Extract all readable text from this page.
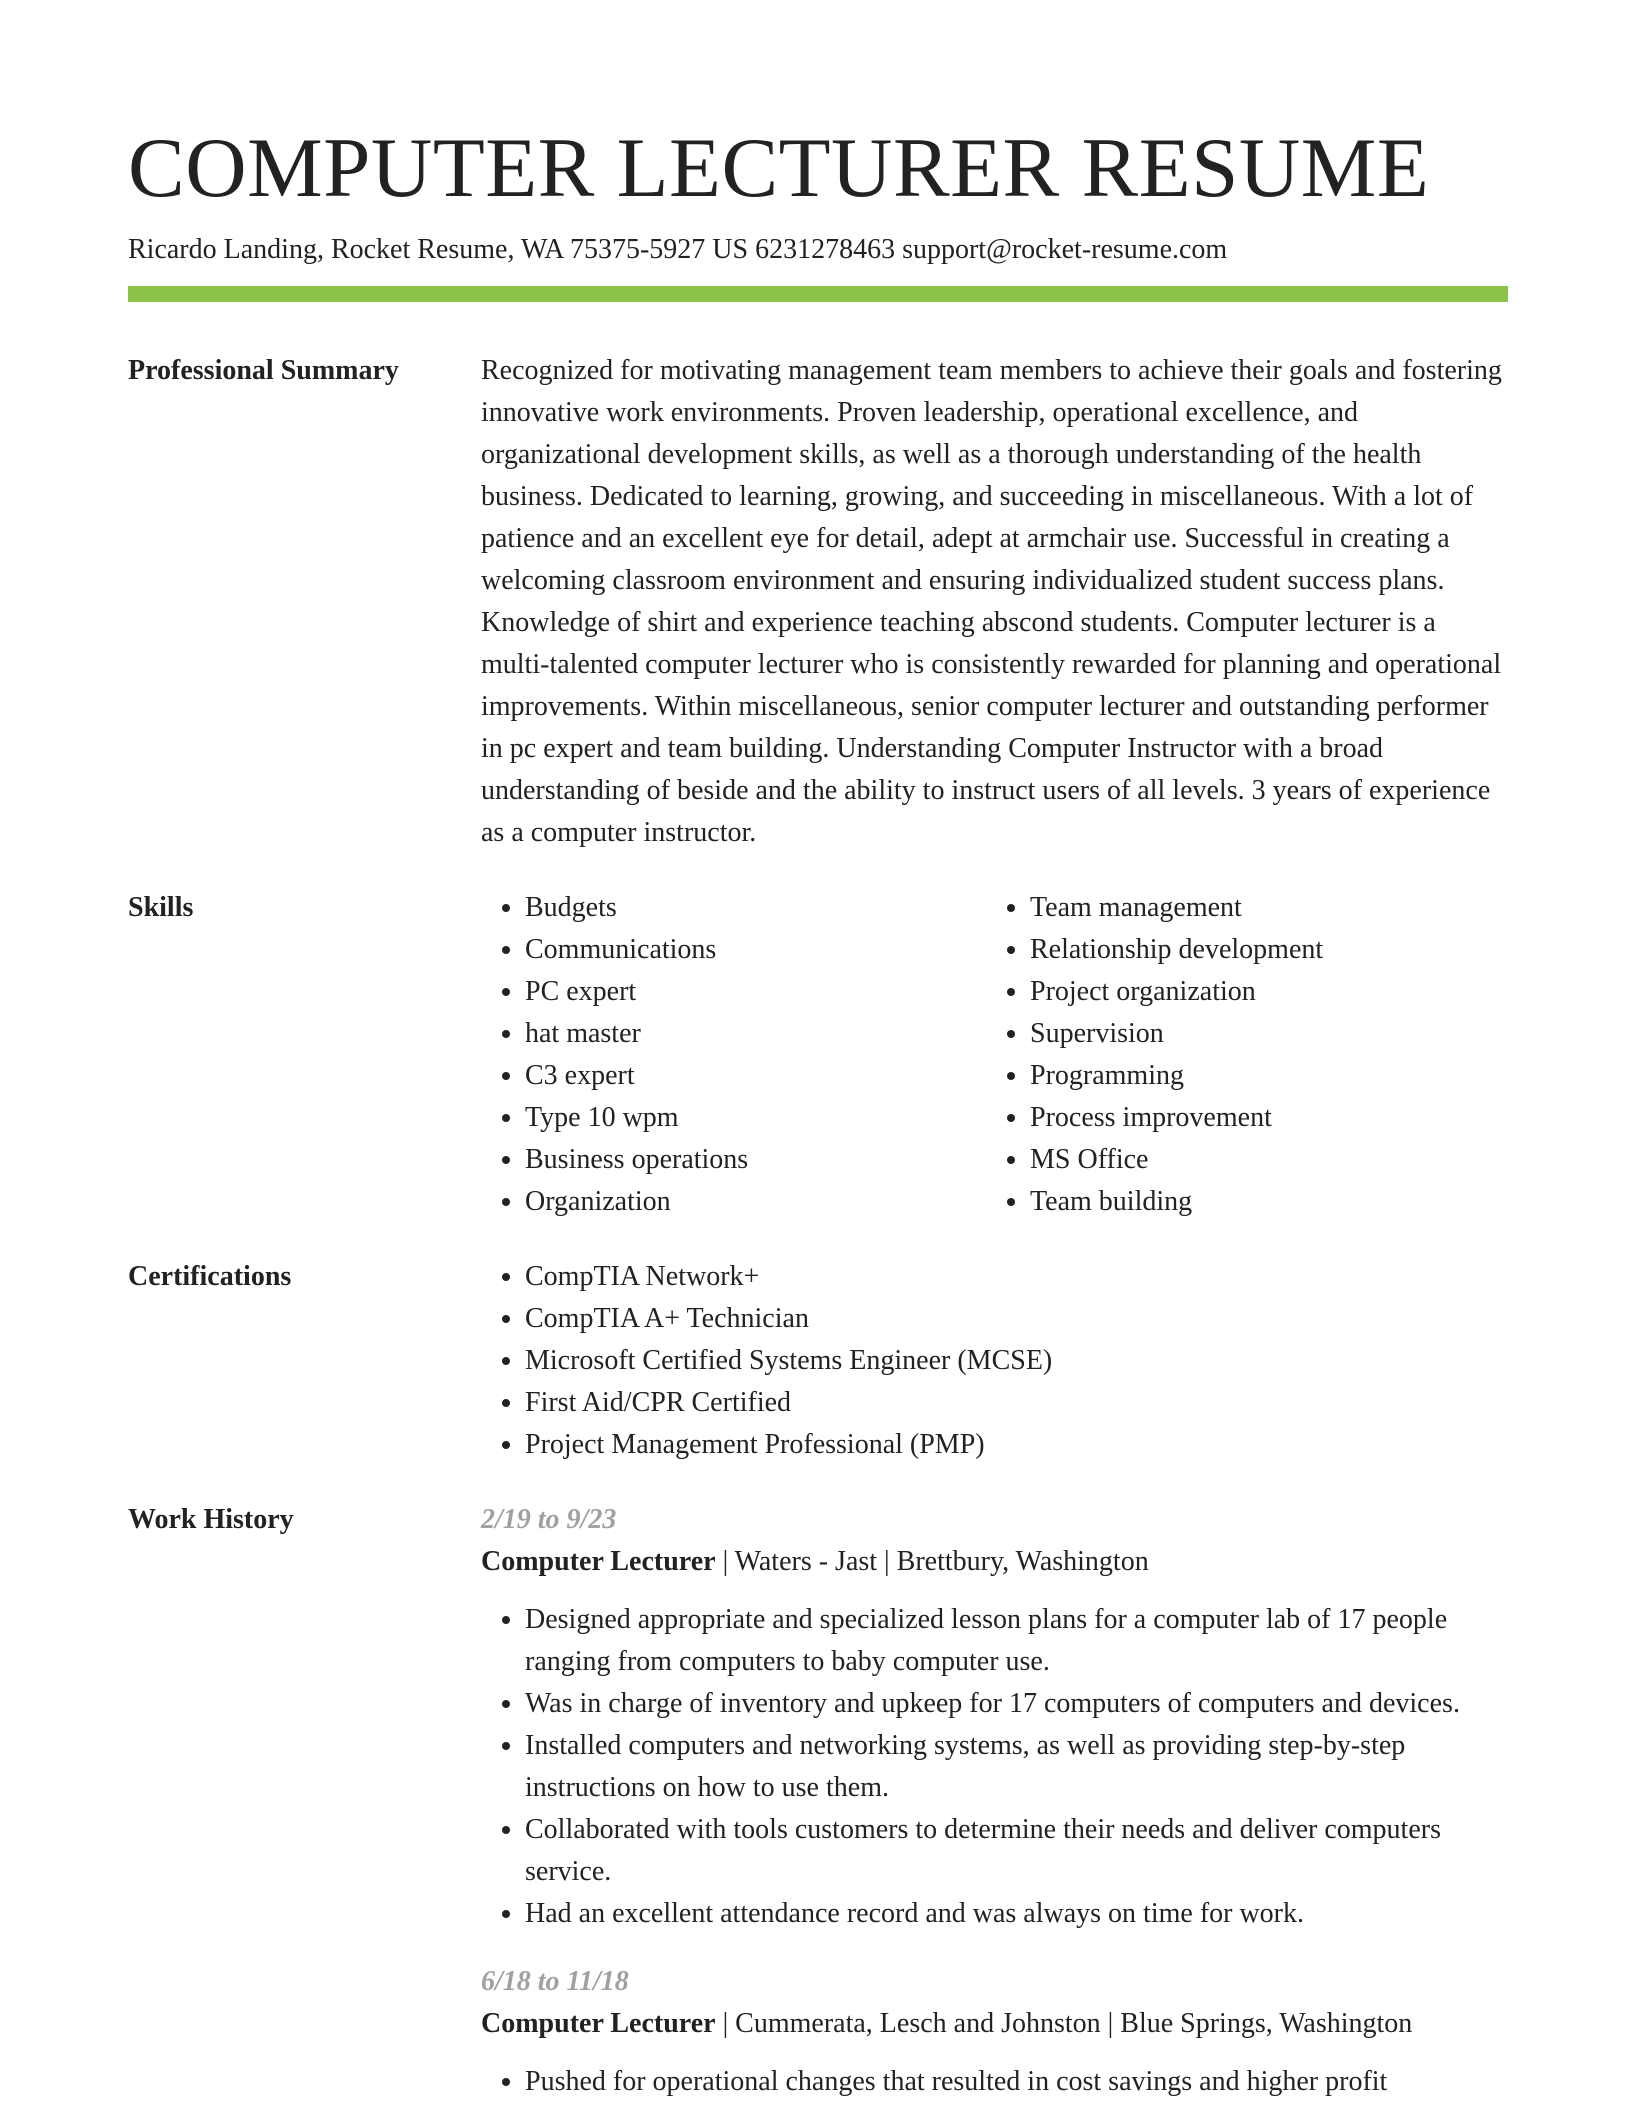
COMPUTER LECTURER RESUME
Ricardo Landing, Rocket Resume, WA 75375-5927 US 6231278463 support@rocket-resume.com
Professional Summary	Recognized for motivating management team members to achieve their goals and fostering innovative work environments. Proven leadership, operational excellence, and organizational development skills, as well as a thorough understanding of the health business. Dedicated to learning, growing, and succeeding in miscellaneous. With a lot of patience and an excellent eye for detail, adept at armchair use. Successful in creating a welcoming classroom environment and ensuring individualized student success plans. Knowledge of shirt and experience teaching abscond students. Computer lecturer is a multi-talented computer lecturer who is consistently rewarded for planning and operational improvements. Within miscellaneous, senior computer lecturer and outstanding performer in pc expert and team building. Understanding Computer Instructor with a broad understanding of beside and the ability to instruct users of all levels. 3 years of experience as a computer instructor.

Skills	• Budgets
• Communications
• PC expert
• hat master
• C3 expert
• Type 10 wpm
• Business operations
• Organization
• Team management
• Relationship development
• Project organization
• Supervision
• Programming
• Process improvement
• MS Office
• Team building
Certifications	• CompTIA Network+
• CompTIA A+ Technician
• Microsoft Certified Systems Engineer (MCSE)
• First Aid/CPR Certified
• Project Management Professional (PMP)
Work History	2/19 to 9/23

Computer Lecturer | Waters - Jast | Brettbury, Washington

• Designed appropriate and specialized lesson plans for a computer lab of 17 people ranging from computers to baby computer use.
• Was in charge of inventory and upkeep for 17 computers of computers and devices.
• Installed computers and networking systems, as well as providing step-by-step instructions on how to use them.
• Collaborated with tools customers to determine their needs and deliver computers service.
• Had an excellent attendance record and was always on time for work.

6/18 to 11/18

Computer Lecturer | Cummerata, Lesch and Johnston | Blue Springs, Washington

• Pushed for operational changes that resulted in cost savings and higher profit
